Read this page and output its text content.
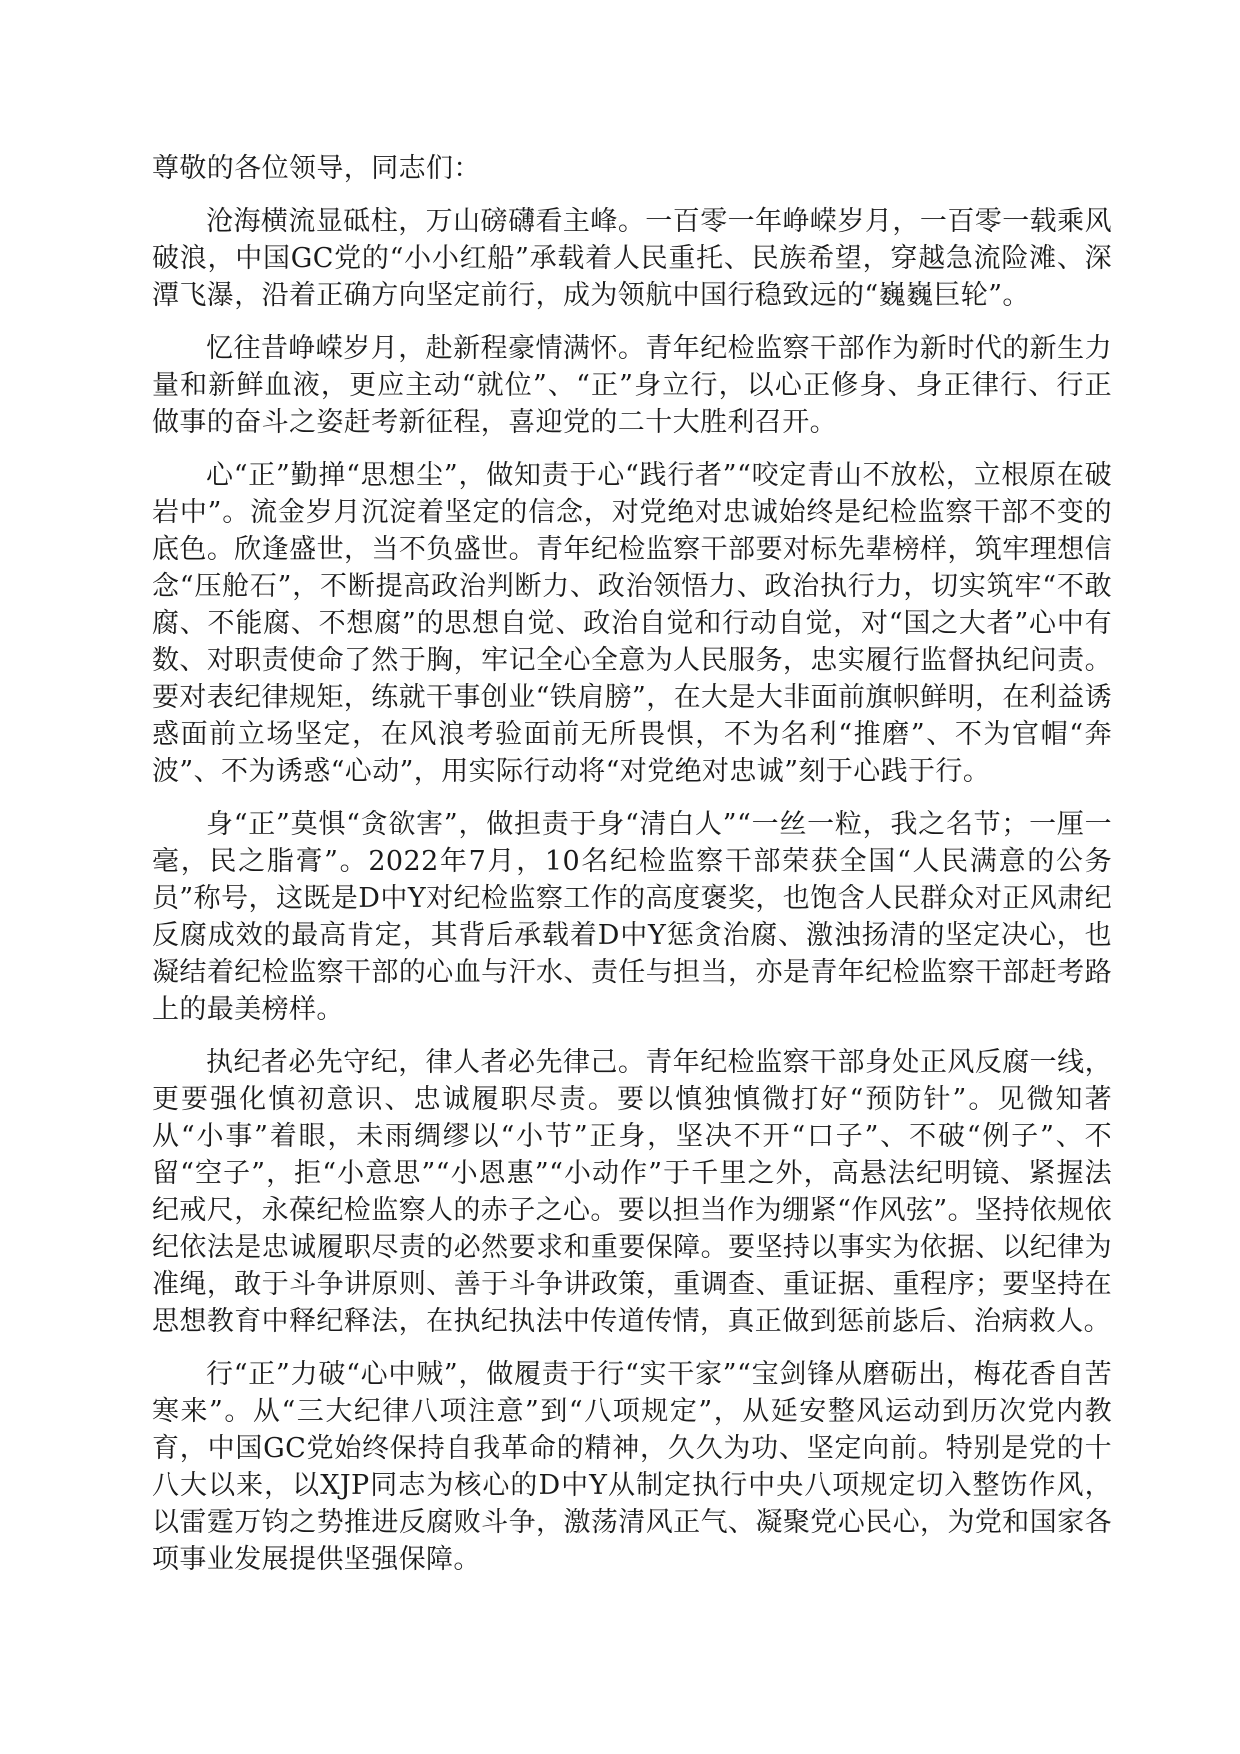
尊敬的各位领导，同志们：

沧海横流显砥柱，万山磅礴看主峰。一百零一年峥嵘岁月，一百零一载乘风破浪，中国GC党的“小小红船”承载着人民重托、民族希望，穿越急流险滩、深潭飞瀑，沿着正确方向坚定前行，成为领航中国行稳致远的“巍巍巨轮”。

忆往昔峥嵘岁月，赴新程豪情满怀。青年纪检监察干部作为新时代的新生力量和新鲜血液，更应主动“就位”、“正”身立行，以心正修身、身正律行、行正做事的奋斗之姿赶考新征程，喜迎党的二十大胜利召开。

心“正”勤掸“思想尘”，做知责于心“践行者”“咬定青山不放松，立根原在破岩中”。流金岁月沉淀着坚定的信念，对党绝对忠诚始终是纪检监察干部不变的底色。欣逢盛世，当不负盛世。青年纪检监察干部要对标先辈榜样，筑牢理想信念“压舱石”，不断提高政治判断力、政治领悟力、政治执行力，切实筑牢“不敢腐、不能腐、不想腐”的思想自觉、政治自觉和行动自觉，对“国之大者”心中有数、对职责使命了然于胸，牢记全心全意为人民服务，忠实履行监督执纪问责。要对表纪律规矩，练就干事创业“铁肩膀”，在大是大非面前旗帜鲜明，在利益诱惑面前立场坚定，在风浪考验面前无所畏惧，不为名利“推磨”、不为官帽“奔波”、不为诱惑“心动”，用实际行动将“对党绝对忠诚”刻于心践于行。

身“正”莫惧“贪欲害”，做担责于身“清白人”“一丝一粒，我之名节；一厘一毫，民之脂膏”。2022年7月，10名纪检监察干部荣获全国“人民满意的公务员”称号，这既是D中Y对纪检监察工作的高度褒奖，也饱含人民群众对正风肃纪反腐成效的最高肯定，其背后承载着D中Y惩贪治腐、激浊扬清的坚定决心，也凝结着纪检监察干部的心血与汗水、责任与担当，亦是青年纪检监察干部赶考路上的最美榜样。

执纪者必先守纪，律人者必先律己。青年纪检监察干部身处正风反腐一线，更要强化慎初意识、忠诚履职尽责。要以慎独慎微打好“预防针”。见微知著从“小事”着眼，未雨绸缪以“小节”正身，坚决不开“口子”、不破“例子”、不留“空子”，拒“小意思”“小恩惠”“小动作”于千里之外，高悬法纪明镜、紧握法纪戒尺，永葆纪检监察人的赤子之心。要以担当作为绷紧“作风弦”。坚持依规依纪依法是忠诚履职尽责的必然要求和重要保障。要坚持以事实为依据、以纪律为准绳，敢于斗争讲原则、善于斗争讲政策，重调查、重证据、重程序；要坚持在思想教育中释纪释法，在执纪执法中传道传情，真正做到惩前毖后、治病救人。

行“正”力破“心中贼”，做履责于行“实干家”“宝剑锋从磨砺出，梅花香自苦寒来”。从“三大纪律八项注意”到“八项规定”，从延安整风运动到历次党内教育，中国GC党始终保持自我革命的精神，久久为功、坚定向前。特别是党的十八大以来，以XJP同志为核心的D中Y从制定执行中央八项规定切入整饬作风，以雷霆万钧之势推进反腐败斗争，激荡清风正气、凝聚党心民心，为党和国家各项事业发展提供坚强保障。
